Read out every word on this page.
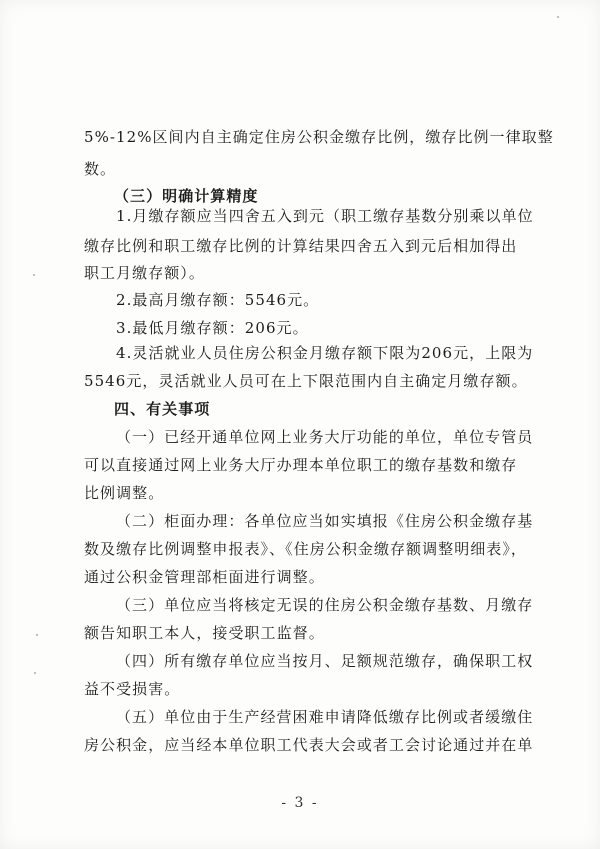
5%-12%区间内自主确定住房公积金缴存比例，缴存比例一律取整
数。
（三）明确计算精度
1.月缴存额应当四舍五入到元（职工缴存基数分别乘以单位
缴存比例和职工缴存比例的计算结果四舍五入到元后相加得出
职工月缴存额）。
2.最高月缴存额：5546元。
3.最低月缴存额：206元。
4.灵活就业人员住房公积金月缴存额下限为206元，上限为
5546元，灵活就业人员可在上下限范围内自主确定月缴存额。
四、有关事项
（一）已经开通单位网上业务大厅功能的单位，单位专管员
可以直接通过网上业务大厅办理本单位职工的缴存基数和缴存
比例调整。
（二）柜面办理：各单位应当如实填报《住房公积金缴存基
数及缴存比例调整申报表》、《住房公积金缴存额调整明细表》，
通过公积金管理部柜面进行调整。
（三）单位应当将核定无误的住房公积金缴存基数、月缴存
额告知职工本人，接受职工监督。
（四）所有缴存单位应当按月、足额规范缴存，确保职工权
益不受损害。
（五）单位由于生产经营困难申请降低缴存比例或者缓缴住
房公积金，应当经本单位职工代表大会或者工会讨论通过并在单
- 3 -
